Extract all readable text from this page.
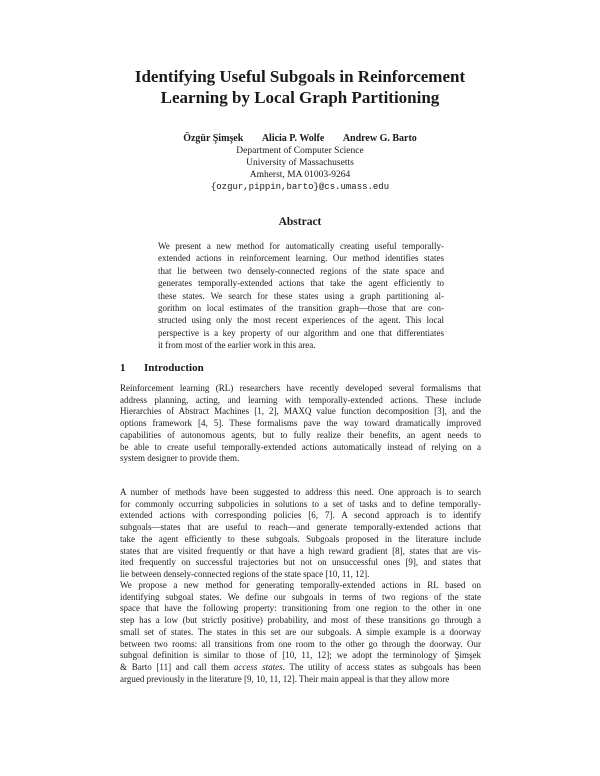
Identifying Useful Subgoals in Reinforcement
Learning by Local Graph Partitioning
Özgür Şimşek Alicia P. Wolfe Andrew G. Barto
Department of Computer Science
University of Massachusetts
Amherst, MA 01003-9264
{ozgur,pippin,barto}@cs.umass.edu
Abstract
We present a new method for automatically creating useful temporally-
extended actions in reinforcement learning. Our method identifies states
that lie between two densely-connected regions of the state space and
generates temporally-extended actions that take the agent efficiently to
these states. We search for these states using a graph partitioning al-
gorithm on local estimates of the transition graph—those that are con-
structed using only the most recent experiences of the agent. This local
perspective is a key property of our algorithm and one that differentiates
it from most of the earlier work in this area.
1 Introduction
Reinforcement learning (RL) researchers have recently developed several formalisms that
address planning, acting, and learning with temporally-extended actions. These include
Hierarchies of Abstract Machines [1, 2], MAXQ value function decomposition [3], and the
options framework [4, 5]. These formalisms pave the way toward dramatically improved
capabilities of autonomous agents, but to fully realize their benefits, an agent needs to
be able to create useful temporally-extended actions automatically instead of relying on a
system designer to provide them.
A number of methods have been suggested to address this need. One approach is to search
for commonly occurring subpolicies in solutions to a set of tasks and to define temporally-
extended actions with corresponding policies [6, 7]. A second approach is to identify
subgoals—states that are useful to reach—and generate temporally-extended actions that
take the agent efficiently to these subgoals. Subgoals proposed in the literature include
states that are visited frequently or that have a high reward gradient [8], states that are vis-
ited frequently on successful trajectories but not on unsuccessful ones [9], and states that
lie between densely-connected regions of the state space [10, 11, 12].
We propose a new method for generating temporally-extended actions in RL based on
identifying subgoal states. We define our subgoals in terms of two regions of the state
space that have the following property: transitioning from one region to the other in one
step has a low (but strictly positive) probability, and most of these transitions go through a
small set of states. The states in this set are our subgoals. A simple example is a doorway
between two rooms: all transitions from one room to the other go through the doorway. Our
subgoal definition is similar to those of [10, 11, 12]; we adopt the terminology of Şimşek
& Barto [11] and call them access states. The utility of access states as subgoals has been
argued previously in the literature [9, 10, 11, 12]. Their main appeal is that they allow more
